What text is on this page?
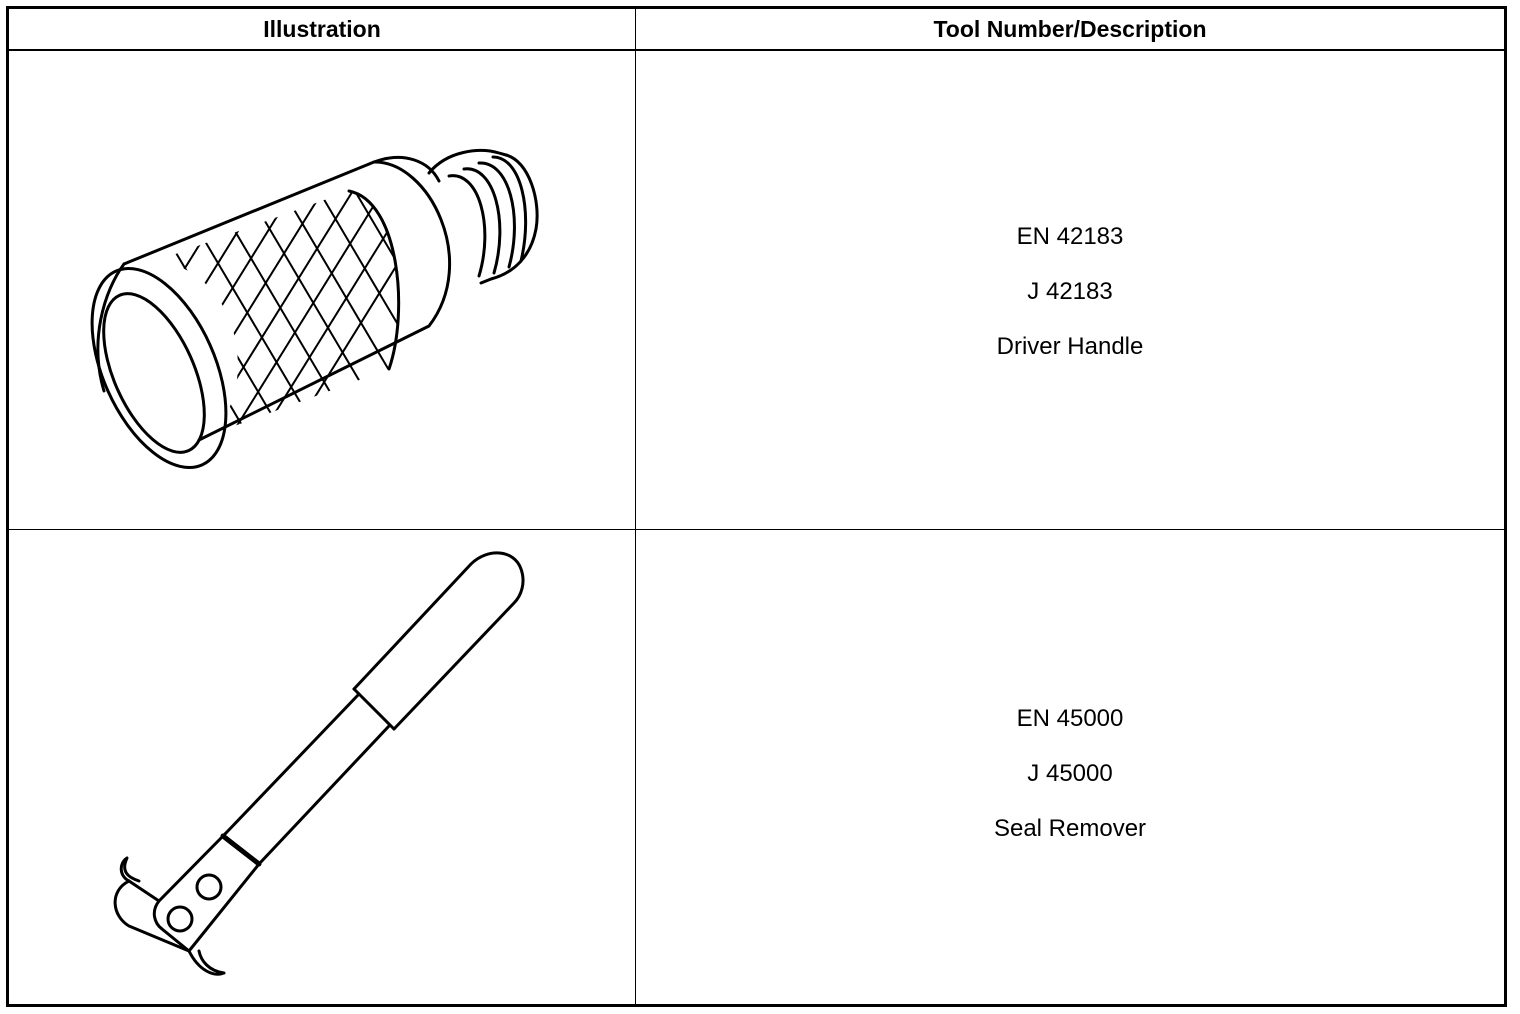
Illustration	Tool Number/Description
EN 42183
J 42183
Driver Handle
EN 45000
J 45000
Seal Remover
